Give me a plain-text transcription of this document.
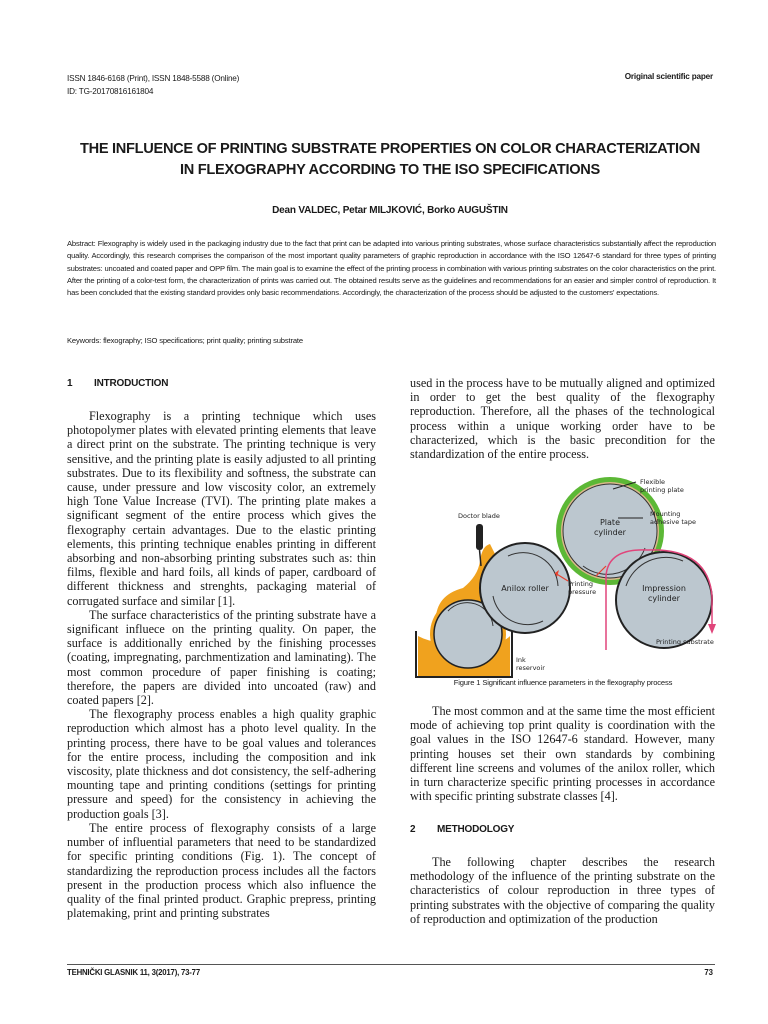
ISSN 1846-6168 (Print), ISSN 1848-5588 (Online)
ID: TG-20170816161804
Original scientific paper
THE INFLUENCE OF PRINTING SUBSTRATE PROPERTIES ON COLOR CHARACTERIZATION
IN FLEXOGRAPHY ACCORDING TO THE ISO SPECIFICATIONS
Dean VALDEC, Petar MILJKOVIĆ, Borko AUGUŠTIN
Abstract: Flexography is widely used in the packaging industry due to the fact that print can be adapted into various printing substrates, whose surface characteristics substantially affect the reproduction quality. Accordingly, this research comprises the comparison of the most important quality parameters of graphic reproduction in accordance with the ISO 12647-6 standard for three types of printing substrates: uncoated and coated paper and OPP film. The main goal is to examine the effect of the printing process in combination with various printing substrates on the color characteristics on the print. After the printing of a color-test form, the characterization of prints was carried out. The obtained results serve as the guidelines and recommendations for an easier and simpler control of reproduction. It has been concluded that the existing standard provides only basic recommendations. Accordingly, the characterization of the process should be adjusted to the customers' expectations.
Keywords: flexography; ISO specifications; print quality; printing substrate
1 INTRODUCTION

Flexography is a printing technique which uses photopolymer plates with elevated printing elements that leave a direct print on the substrate. The printing technique is very sensitive, and the printing plate is easily adjusted to all printing substrates. Due to its flexibility and softness, the substrate can cause, under pressure and low viscosity color, an extremely high Tone Value Increase (TVI). The printing plate makes a significant segment of the entire process which gives the flexography certain advantages. Due to the elastic printing elements, this printing technique enables printing in different absorbing and non-absorbing printing substrates such as: thin films, flexible and hard foils, all kinds of paper, cardboard of different thickness and strenghts, packaging material of corrugated surface and similar [1].

The surface characteristics of the printing substrate have a significant influece on the printing quality. On paper, the surface is additionally enriched by the finishing processes (coating, impregnating, parchmentization and laminating). The most common procedure of paper finishing is coating; therefore, the papers are divided into uncoated (raw) and coated papers [2].

The flexography process enables a high quality graphic reproduction which almost has a photo level quality. In the printing process, there have to be goal values and tolerances for the entire process, including the composition and ink viscosity, plate thickness and dot consistency, the self-adhering mounting tape and printing conditions (settings for printing pressure and speed) for the consistency in achieving the production goals [3].

The entire process of flexography consists of a large number of influential parameters that need to be standardized for specific printing conditions (Fig. 1). The concept of standardizing the reproduction process includes all the factors present in the production process which also influence the quality of the final printed product. Graphic prepress, printing platemaking, print and printing substrates

used in the process have to be mutually aligned and optimized in order to get the best quality of the flexography reproduction. Therefore, all the phases of the technological process within a unique working order have to be characterized, which is the basic precondition for the standardization of the entire process.

Doctor blade
Plate
cylinder
Flexible
printing plate
Mounting
adhesive tape
Anilox roller	Printing
pressure	Impression
cylinder
Printing substrate
Ink
reservoir
Figure 1 Significant influence parameters in the flexography process

The most common and at the same time the most efficient mode of achieving top print quality is coordination with the goal values in the ISO 12647-6 standard. However, many printing houses set their own standards by combining different line screens and volumes of the anilox roller, which in turn characterize specific printing processes in accordance with specific printing substrate classes [4].

2 METHODOLOGY

The following chapter describes the research methodology of the influence of the printing substrate on the characteristics of colour reproduction in three types of printing substrates with the objective of comparing the quality of reproduction and optimization of the production

TEHNIČKI GLASNIK 11, 3(2017), 73-77	73
